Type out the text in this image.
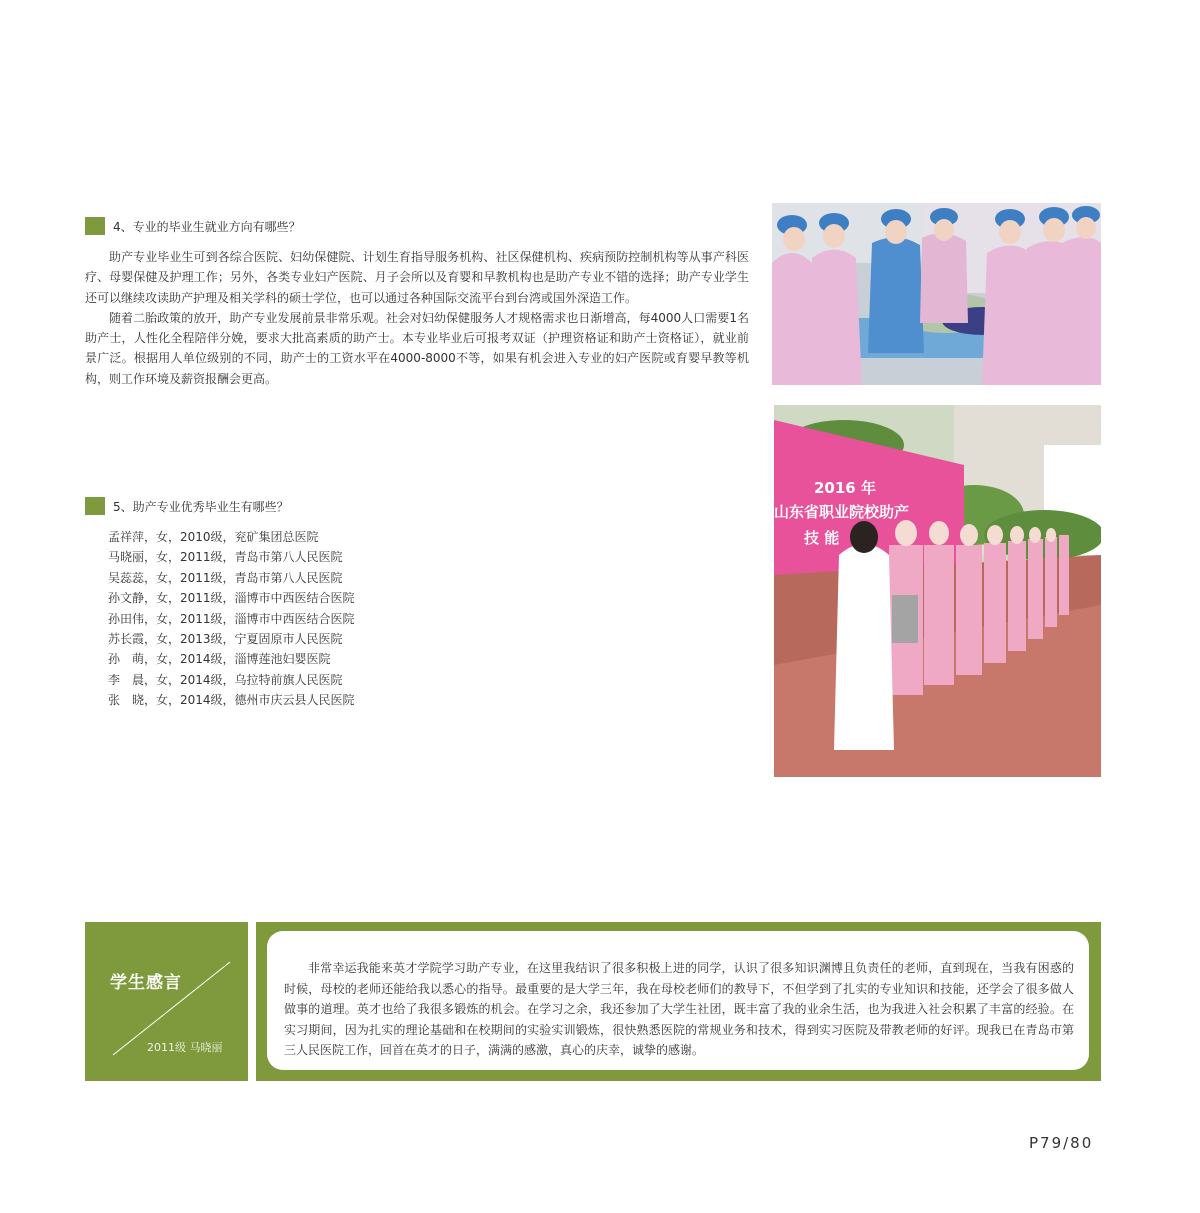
4、专业的毕业生就业方向有哪些？

助产专业毕业生可到各综合医院、妇幼保健院、计划生育指导服务机构、社区保健机构、疾病预防控制机构等从事产科医疗、母婴保健及护理工作；另外，各类专业妇产医院、月子会所以及育婴和早教机构也是助产专业不错的选择；助产专业学生还可以继续攻读助产护理及相关学科的硕士学位，也可以通过各种国际交流平台到台湾或国外深造工作。

随着二胎政策的放开，助产专业发展前景非常乐观。社会对妇幼保健服务人才规格需求也日渐增高，每4000人口需要1名助产士，人性化全程陪伴分娩，要求大批高素质的助产士。本专业毕业后可报考双证（护理资格证和助产士资格证），就业前景广泛。根据用人单位级别的不同，助产士的工资水平在4000-8000不等，如果有机会进入专业的妇产医院或育婴早教等机构，则工作环境及薪资报酬会更高。

5、助产专业优秀毕业生有哪些？
孟祥萍，女，2010级，兖矿集团总医院
马晓丽，女，2011级，青岛市第八人民医院
吴蕊蕊，女，2011级，青岛市第八人民医院
孙文静，女，2011级，淄博市中西医结合医院
孙田伟，女，2011级，淄博市中西医结合医院
苏长霞，女，2013级，宁夏固原市人民医院
孙　萌，女，2014级，淄博莲池妇婴医院
李　晨，女，2014级，乌拉特前旗人民医院
张　晓，女，2014级，德州市庆云县人民医院
2016 年
山东省职业院校助产
技 能
学生感言
2011级 马晓丽

非常幸运我能来英才学院学习助产专业，在这里我结识了很多积极上进的同学，认识了很多知识渊博且负责任的老师，直到现在，当我有困惑的时候，母校的老师还能给我以悉心的指导。最重要的是大学三年，我在母校老师们的教导下，不但学到了扎实的专业知识和技能，还学会了很多做人做事的道理。英才也给了我很多锻炼的机会。在学习之余，我还参加了大学生社团，既丰富了我的业余生活，也为我进入社会积累了丰富的经验。在实习期间，因为扎实的理论基础和在校期间的实验实训锻炼，很快熟悉医院的常规业务和技术，得到实习医院及带教老师的好评。现我已在青岛市第三人民医院工作，回首在英才的日子，满满的感激，真心的庆幸，诚挚的感谢。

P79/80
